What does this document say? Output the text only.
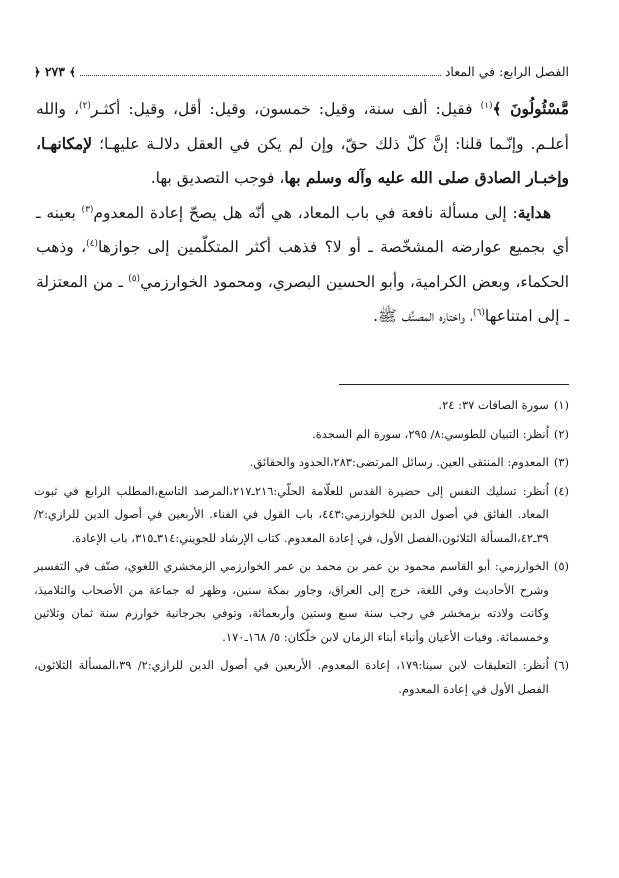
الفصل الرابع: في المعاد
﴾ ٢٧٣ ﴿

مَّسْئُولُونَ ﴾$^{(١)}$ فقيل: ألف سنة، وقيل: خمسون، وقيل: أقل، وقيل: أكثـر$^{(٢)}$، والله أعلـم. وإنّـما قلنا: إنَّ كلّ ذلك حقّ، وإن لم يكن في العقل دلالـة عليهـا؛ لإمكانهـا، وإخبـار الصادق صلى الله عليه وآله وسلم بها، فوجب التصديق بها.

هداية: إلى مسألة نافعة في باب المعاد، هي أنّه هل يصحّ إعادة المعدوم$^{(٣)}$ بعينه ـ أي بجميع عوارضه المشخّصة ـ أو لا؟ فذهب أكثر المتكلّمين إلى جوازها$^{(٤)}$، وذهب الحكماء، وبعض الكرامية، وأبو الحسين البصري، ومحمود الخوارزمي$^{(٥)}$ ـ من المعتزلة ـ إلى امتناعها$^{(٦)}$، واختاره المصنِّف ﷺ.

(١)
سورة الصافات ٣٧: ٢٤.
(٢)
اُنظر: التبيان للطوسي:٨/ ٢٩٥، سورة الم السجدة.
(٣)
المعدوم: المنتقى العين. رسائل المرتضى:٢٨٣،الحدود والحقائق.
(٤)
اُنظر: تسليك النفس إلى حضيرة القدس للعلّامة الحلّي:٢١٦ـ٢١٧،المرصد التاسع،المطلب الرابع في ثبوت المعاد. الفائق في أصول الدين للخوارزمي:٤٤٣، باب القول في الفناء. الأربعين في أصول الدين للرازي:٢/ ٣٩ـ٤٢،المسألة الثلاثون،الفصل الأول، في إعادة المعدوم. كتاب الإرشاد للجويني:٣١٤ـ٣١٥، باب الإعادة.
(٥)
الخوارزمي: أبو القاسم محمود بن عمر بن محمد بن عمر الخوارزمي الزمخشري اللغوي، صنّف في التفسير وشرح الأحاديث وفي اللغة، خرج إلى العراق، وجاور بمكة سنين، وظهر له جماعة من الأصحاب والتلاميذ، وكانت ولادته بزمخشر في رجب سنة سبع وستين وأربعمائة، وتوفي بجرجانية خوارزم سنة ثمان وثلاثين وخمسمائة. وفيات الأعيان وأنباء أبناء الزمان لابن خلّكان: ٥/ ١٦٨ـ١٧٠.
(٦)
اُنظر: التعليقات لابن سينا:١٧٩، إعادة المعدوم. الأربعين في أصول الدين للرازي:٢/ ٣٩،المسألة الثلاثون، الفصل الأول في إعادة المعدوم.
